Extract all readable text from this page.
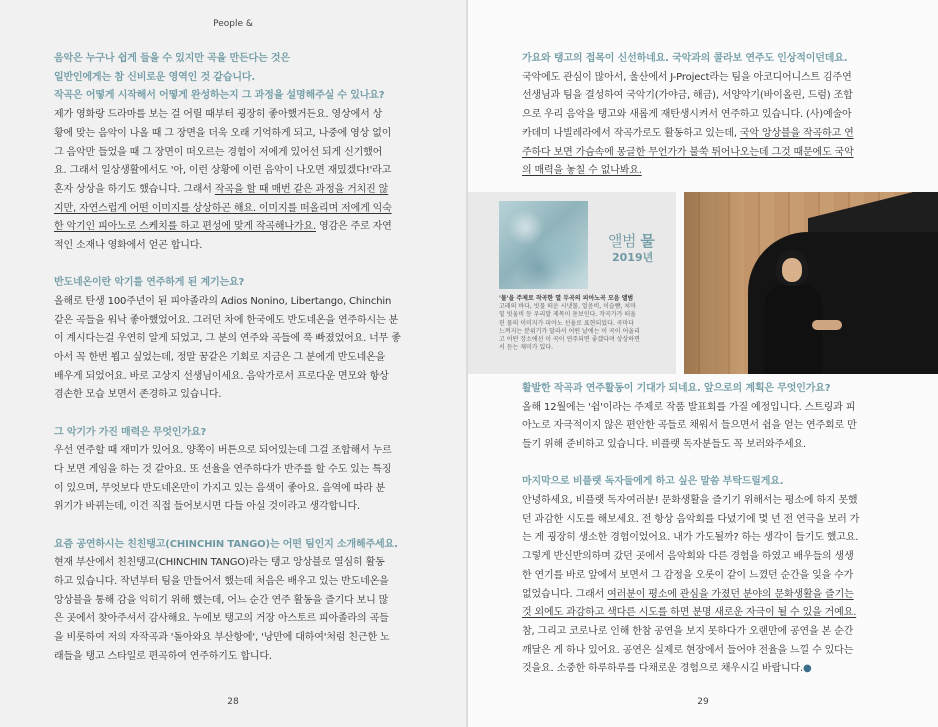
People &

음악은 누구나 쉽게 들을 수 있지만 곡을 만든다는 것은

일반인에게는 참 신비로운 영역인 것 같습니다.

작곡은 어떻게 시작해서 어떻게 완성하는지 그 과정을 설명해주실 수 있나요?

제가 영화랑 드라마를 보는 걸 어릴 때부터 굉장히 좋아했거든요. 영상에서 상

황에 맞는 음악이 나올 때 그 장면을 더욱 오래 기억하게 되고, 나중에 영상 없이

그 음악만 들었을 때 그 장면이 떠오르는 경험이 저에게 있어선 되게 신기했어

요. 그래서 일상생활에서도 '아, 이런 상황에 이런 음악이 나오면 재밌겠다!'라고

혼자 상상을 하기도 했습니다. 그래서 작곡을 할 때 매번 같은 과정을 거치진 않

지만, 자연스럽게 어떤 이미지를 상상하곤 해요. 이미지를 떠올리며 저에게 익숙

한 악기인 피아노로 스케치를 하고 편성에 맞게 작곡해나가요. 영감은 주로 자연

적인 소재나 영화에서 얻곤 합니다.

반도네온이란 악기를 연주하게 된 계기는요?

올해로 탄생 100주년이 된 피아졸라의 Adios Nonino, Libertango, Chinchin

같은 곡들을 워낙 좋아했었어요. 그러던 차에 한국에도 반도네온을 연주하시는 분

이 계시다는걸 우연히 알게 되었고, 그 분의 연주와 곡들에 푹 빠졌었어요. 너무 좋

아서 꼭 한번 뵙고 싶었는데, 정말 꿈같은 기회로 지금은 그 분에게 반도네온을

배우게 되었어요. 바로 고상지 선생님이세요. 음악가로서 프로다운 면모와 항상

겸손한 모습 보면서 존경하고 있습니다.

그 악기가 가진 매력은 무엇인가요?

우선 연주할 때 재미가 있어요. 양쪽이 버튼으로 되어있는데 그걸 조합해서 누르

다 보면 게임을 하는 것 같아요. 또 선율을 연주하다가 반주를 할 수도 있는 특징

이 있으며, 무엇보다 반도네온만이 가지고 있는 음색이 좋아요. 음역에 따라 분

위기가 바뀌는데, 이건 직접 들어보시면 다들 아실 것이라고 생각합니다.

요즘 공연하시는 친친탱고(CHINCHIN TANGO)는 어떤 팀인지 소개해주세요.

현재 부산에서 친친탱고(CHINCHIN TANGO)라는 탱고 앙상블로 열심히 활동

하고 있습니다. 작년부터 팀을 만들어서 했는데 처음은 배우고 있는 반도네온을

앙상블을 통해 감을 익히기 위해 했는데, 어느 순간 연주 활동을 즐기다 보니 많

은 곳에서 찾아주셔서 감사해요. 누에보 탱고의 거장 아스토르 피아졸라의 곡들

을 비롯하여 저의 자작곡과 '돌아와요 부산항에', '낭만에 대하여'처럼 친근한 노

래들을 탱고 스타일로 편곡하여 연주하기도 합니다.

28

가요와 탱고의 접목이 신선하네요. 국악과의 콜라보 연주도 인상적이던데요.

국악에도 관심이 많아서, 울산에서 J-Project라는 팀을 아코디어니스트 김주연

선생님과 팀을 결성하여 국악기(가야금, 해금), 서양악기(바이올린, 드럼) 조합

으로 우리 음악을 탱고와 새롭게 재탄생시켜서 연주하고 있습니다. (사)예술아

카데미 나빌레라에서 작곡가로도 활동하고 있는데, 국악 앙상블을 작곡하고 연

주하다 보면 가슴속에 몽글한 무언가가 불쑥 튀어나오는데 그것 때문에도 국악

의 매력을 놓칠 수 없나봐요.

앨범 물
2019년
'물'을 주제로 작곡한 열 두곡의 피아노곡 모음 앨범
고래의 바다, 빗물 떠운 시냇물, 얼음비, 이슬뺨, 처마
밑 빗울비 등 우리말 제목이 돋보인다. 작곡가가 떠올
린 물의 이미지가 피아노 선율로 표현되었다. 곡마다
느껴지는 분위기가 달라서 어떤 날에는 이 곡이 어울리
고 어떤 장소에선 이 곡이 연주되면 좋겠다며 상상하면
서 듣는 재미가 있다.

활발한 작곡과 연주활동이 기대가 되네요. 앞으로의 계획은 무엇인가요?

올해 12월에는 '쉼'이라는 주제로 작품 발표회를 가질 예정입니다. 스트링과 피

아노로 자극적이지 않은 편안한 곡들로 채워서 들으면서 쉼을 얻는 연주회로 만

들기 위해 준비하고 있습니다. 비플랫 독자분들도 꼭 보러와주세요.

마지막으로 비플랫 독자들에게 하고 싶은 말씀 부탁드릴게요.

안녕하세요, 비플랫 독자여러분! 문화생활을 즐기기 위해서는 평소에 하지 못했

던 과감한 시도를 해보세요. 전 항상 음악회를 다녔기에 몇 년 전 연극을 보러 가

는 게 굉장히 생소한 경험이었어요. 내가 가도될까? 하는 생각이 들기도 했고요.

그렇게 반신반의하며 갔던 곳에서 음악회와 다른 경험을 하였고 배우들의 생생

한 연기를 바로 앞에서 보면서 그 감정을 오롯이 같이 느꼈던 순간을 잊을 수가

없었습니다. 그래서 여러분이 평소에 관심을 가졌던 분야의 문화생활을 즐기는

것 외에도 과감하고 색다른 시도를 하면 분명 새로운 자극이 될 수 있을 거예요.

참, 그리고 코로나로 인해 한참 공연을 보지 못하다가 오랜만에 공연을 본 순간

깨달은 게 하나 있어요. 공연은 실제로 현장에서 들어야 전율을 느낄 수 있다는

것을요. 소중한 하루하루를 다채로운 경험으로 채우시길 바랍니다.●

29
